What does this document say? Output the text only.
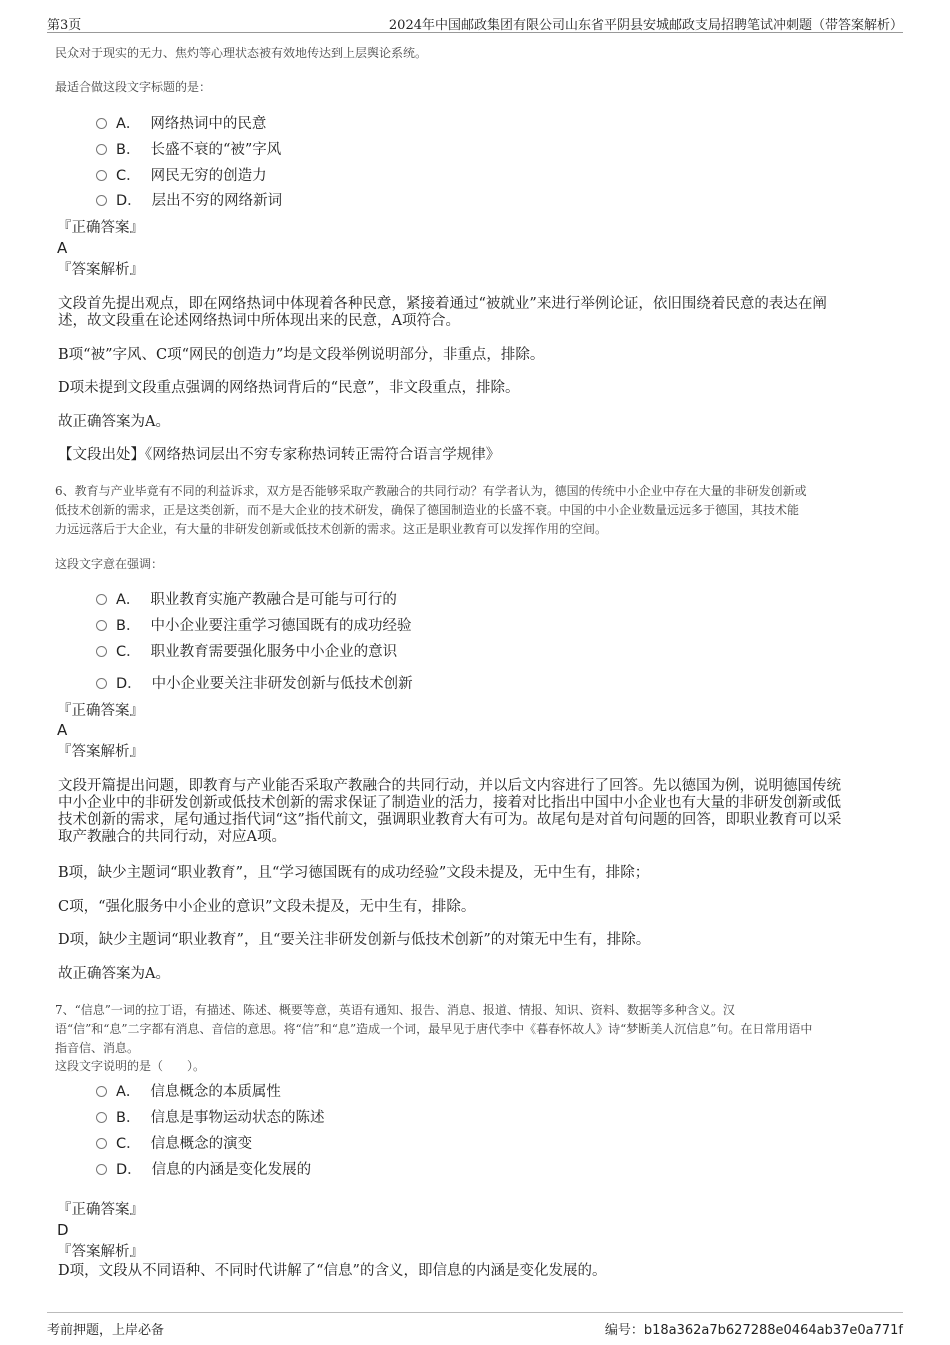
第3页	2024年中国邮政集团有限公司山东省平阴县安城邮政支局招聘笔试冲刺题（带答案解析）
民众对于现实的无力、焦灼等心理状态被有效地传达到上层舆论系统。
最适合做这段文字标题的是：
A． 网络热词中的民意
B． 长盛不衰的“被”字风
C． 网民无穷的创造力
D． 层出不穷的网络新词
『正确答案』
A
『答案解析』
文段首先提出观点，即在网络热词中体现着各种民意，紧接着通过“被就业”来进行举例论证，依旧围绕着民意的表达在阐
述，故文段重在论述网络热词中所体现出来的民意，A项符合。
B项“被”字风、C项“网民的创造力”均是文段举例说明部分，非重点，排除。
D项未提到文段重点强调的网络热词背后的“民意”，非文段重点，排除。
故正确答案为A。
【文段出处】《网络热词层出不穷专家称热词转正需符合语言学规律》
6、教育与产业毕竟有不同的利益诉求，双方是否能够采取产教融合的共同行动？有学者认为，德国的传统中小企业中存在大量的非研发创新或
低技术创新的需求，正是这类创新，而不是大企业的技术研发，确保了德国制造业的长盛不衰。中国的中小企业数量远远多于德国，其技术能
力远远落后于大企业，有大量的非研发创新或低技术创新的需求。这正是职业教育可以发挥作用的空间。
这段文字意在强调：
A． 职业教育实施产教融合是可能与可行的
B． 中小企业要注重学习德国既有的成功经验
C． 职业教育需要强化服务中小企业的意识
D． 中小企业要关注非研发创新与低技术创新
『正确答案』
A
『答案解析』
文段开篇提出问题，即教育与产业能否采取产教融合的共同行动，并以后文内容进行了回答。先以德国为例，说明德国传统
中小企业中的非研发创新或低技术创新的需求保证了制造业的活力，接着对比指出中国中小企业也有大量的非研发创新或低
技术创新的需求，尾句通过指代词“这”指代前文，强调职业教育大有可为。故尾句是对首句问题的回答，即职业教育可以采
取产教融合的共同行动，对应A项。
B项，缺少主题词“职业教育”，且“学习德国既有的成功经验”文段未提及，无中生有，排除；
C项，“强化服务中小企业的意识”文段未提及，无中生有，排除。
D项，缺少主题词“职业教育”，且“要关注非研发创新与低技术创新”的对策无中生有，排除。
故正确答案为A。
7、“信息”一词的拉丁语，有描述、陈述、概要等意，英语有通知、报告、消息、报道、情报、知识、资料、数据等多种含义。汉
语“信”和“息”二字都有消息、音信的意思。将“信”和“息”造成一个词，最早见于唐代李中《暮春怀故人》诗“梦断美人沉信息”句。在日常用语中
指音信、消息。
这段文字说明的是（　　）。
A． 信息概念的本质属性
B． 信息是事物运动状态的陈述
C． 信息概念的演变
D． 信息的内涵是变化发展的
『正确答案』
D
『答案解析』
D项，文段从不同语种、不同时代讲解了“信息”的含义，即信息的内涵是变化发展的。
考前押题，上岸必备	编号：b18a362a7b627288e0464ab37e0a771f
